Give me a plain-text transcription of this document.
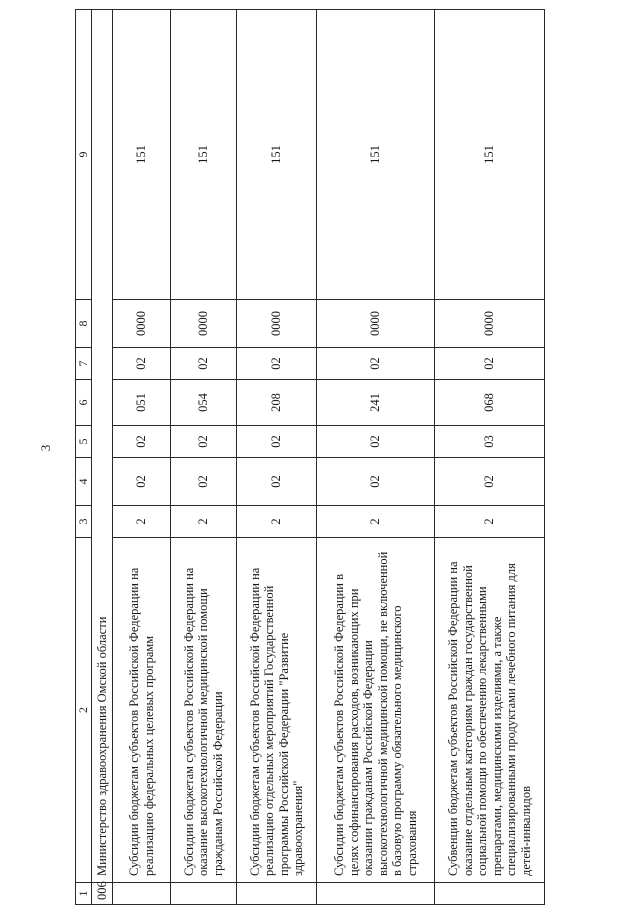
3
1	2	3	4	5	6	7	8	9
006	Министерство здравоохранения Омской области							
	Субсидии бюджетам субъектов Российской Федерации на реализацию федеральных целевых программ	2	02	02	051	02	0000	151
	Субсидии бюджетам субъектов Российской Федерации на оказание высокотехнологичной медицинской помощи гражданам Российской Федерации	2	02	02	054	02	0000	151
	Субсидии бюджетам субъектов Российской Федерации на реализацию отдельных мероприятий Государственной программы Российской Федерации "Развитие здравоохранения"	2	02	02	208	02	0000	151
	Субсидии бюджетам субъектов Российской Федерации в целях софинансирования расходов, возникающих при оказании гражданам Российской Федерации высокотехнологичной медицинской помощи, не включенной в базовую программу обязательного медицинского страхования	2	02	02	241	02	0000	151
	Субвенции бюджетам субъектов Российской Федерации на оказание отдельным категориям граждан государственной социальной помощи по обеспечению лекарственными препаратами, медицинскими изделиями, а также специализированными продуктами лечебного питания для детей-инвалидов	2	02	03	068	02	0000	151
